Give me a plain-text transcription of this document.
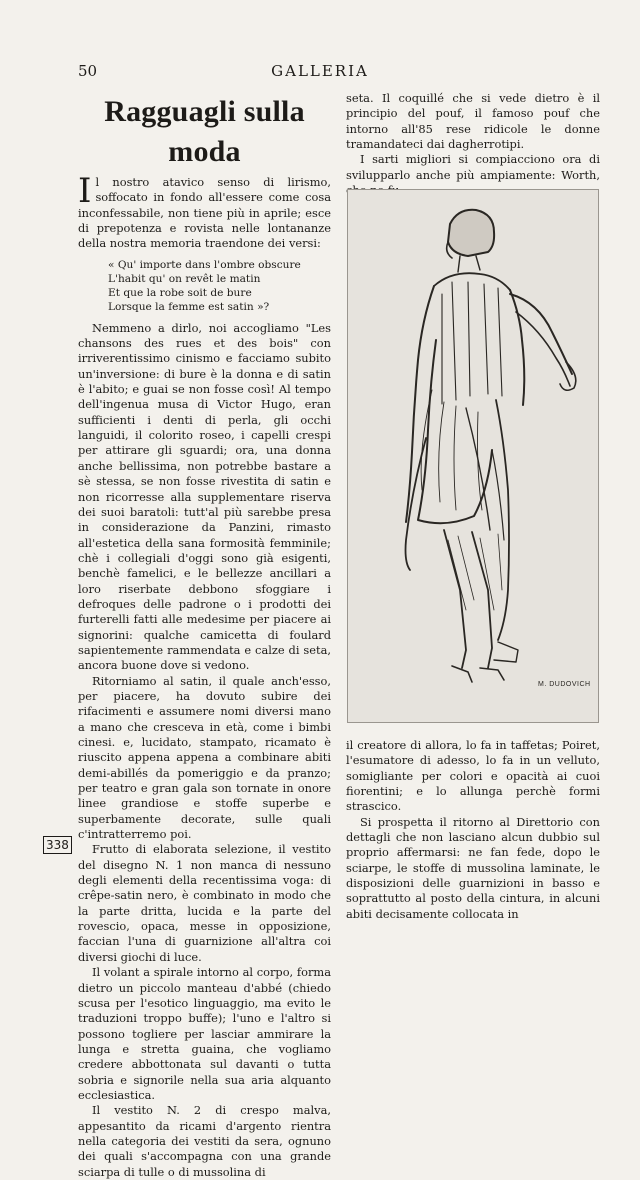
50	GALLERIA
Ragguagli sulla moda

Il nostro atavico senso di lirismo, soffocato in fondo all'essere come cosa inconfessabile, non tiene più in aprile; esce di prepotenza e rovista nelle lontananze della nostra memoria traendone dei versi:

« Qu' importe dans l'ombre obscure
L'habit qu' on revêt le matin
Et que la robe soit de bure
Lorsque la femme est satin »?

Nemmeno a dirlo, noi accogliamo "Les chansons des rues et des bois" con irriverentissimo cinismo e facciamo subito un'inversione: di bure è la donna e di satin è l'abito; e guai se non fosse così! Al tempo dell'ingenua musa di Victor Hugo, eran sufficienti i denti di perla, gli occhi languidi, il colorito roseo, i capelli crespi per attirare gli sguardi; ora, una donna anche bellissima, non potrebbe bastare a sè stessa, se non fosse rivestita di satin e non ricorresse alla supplementare riserva dei suoi baratoli: tutt'al più sarebbe presa in considerazione da Panzini, rimasto all'estetica della sana formosità femminile; chè i collegiali d'oggi sono già esigenti, benchè famelici, e le bellezze ancillari a loro riserbate debbono sfoggiare i defroques delle padrone o i prodotti dei furterelli fatti alle medesime per piacere ai signorini: qualche camicetta di foulard sapientemente rammendata e calze di seta, ancora buone dove si vedono.

Ritorniamo al satin, il quale anch'esso, per piacere, ha dovuto subire dei rifacimenti e assumere nomi diversi mano a mano che cresceva in età, come i bimbi cinesi. e, lucidato, stampato, ricamato è riuscito appena appena a combinare abiti demi-abillés da pomeriggio e da pranzo; per teatro e gran gala son tornate in onore linee grandiose e stoffe superbe e superbamente decorate, sulle quali c'intratterremo poi.

Frutto di elaborata selezione, il vestito del disegno N. 1 non manca di nessuno degli elementi della recentissima voga: di crêpe-satin nero, è combinato in modo che la parte dritta, lucida e la parte del rovescio, opaca, messe in opposizione, faccian l'una di guarnizione all'altra coi diversi giochi di luce.

Il volant a spirale intorno al corpo, forma dietro un piccolo manteau d'abbé (chiedo scusa per l'esotico linguaggio, ma evito le traduzioni troppo buffe); l'uno e l'altro si possono togliere per lasciar ammirare la lunga e stretta guaina, che vogliamo credere abbottonata sul davanti o tutta sobria e signorile nella sua aria alquanto ecclesiastica.

Il vestito N. 2 di crespo malva, appesantito da ricami d'argento rientra nella categoria dei vestiti da sera, ognuno dei quali s'accompagna con una grande sciarpa di tulle o di mussolina di

seta. Il coquillé che si vede dietro è il principio del pouf, il famoso pouf che intorno all'85 rese ridicole le donne tramandateci dai dagherrotipi.

I sarti migliori si compiacciono ora di svilupparlo anche più ampiamente: Worth,

M. DUDOVICH

il creatore di allora, lo fa in taffetas; Poiret, l'esumatore di adesso, lo fa in un velluto, somigliante per colori e opacità ai cuoi fiorentini; e lo allunga perchè formi strascico.

Si prospetta il ritorno al Direttorio con dettagli che non lasciano alcun dubbio sul proprio affermarsi: ne fan fede, dopo le sciarpe, le stoffe di mussolina laminate, le disposizioni delle guarnizioni in basso e soprattutto al posto della cintura, in alcuni abiti decisamente collocata in

338
